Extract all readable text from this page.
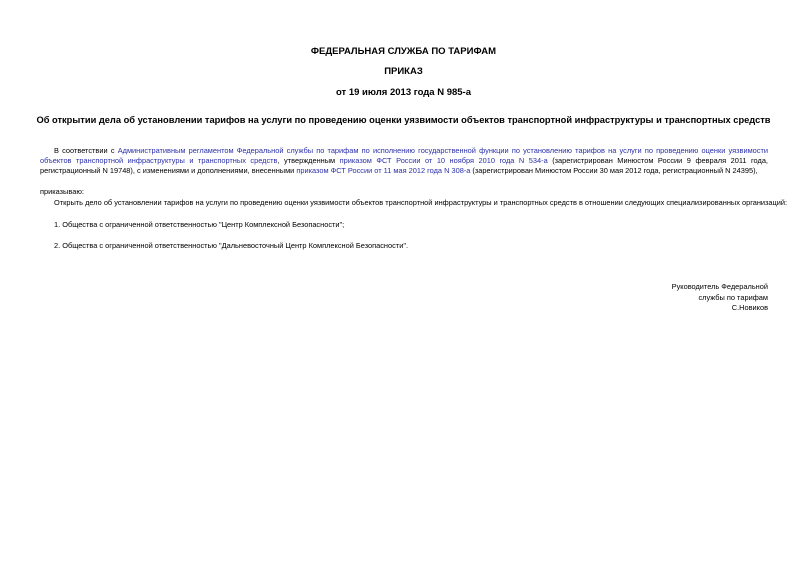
ФЕДЕРАЛЬНАЯ СЛУЖБА ПО ТАРИФАМ
ПРИКАЗ
от 19 июля 2013 года N 985-а
Об открытии дела об установлении тарифов на услуги по проведению оценки уязвимости объектов транспортной инфраструктуры и транспортных средств
В соответствии с Административным регламентом Федеральной службы по тарифам по исполнению государственной функции по установлению тарифов на услуги по проведению оценки уязвимости объектов транспортной инфраструктуры и транспортных средств, утвержденным приказом ФСТ России от 10 ноября 2010 года N 534-а (зарегистрирован Минюстом России 9 февраля 2011 года, регистрационный N 19748), с изменениями и дополнениями, внесенными приказом ФСТ России от 11 мая 2012 года N 308-а (зарегистрирован Минюстом России 30 мая 2012 года, регистрационный N 24395),
приказываю:
Открыть дело об установлении тарифов на услуги по проведению оценки уязвимости объектов транспортной инфраструктуры и транспортных средств в отношении следующих специализированных организаций:
1. Общества с ограниченной ответственностью "Центр Комплексной Безопасности";
2. Общества с ограниченной ответственностью "Дальневосточный Центр Комплексной Безопасности".
Руководитель Федеральной
службы по тарифам
С.Новиков
